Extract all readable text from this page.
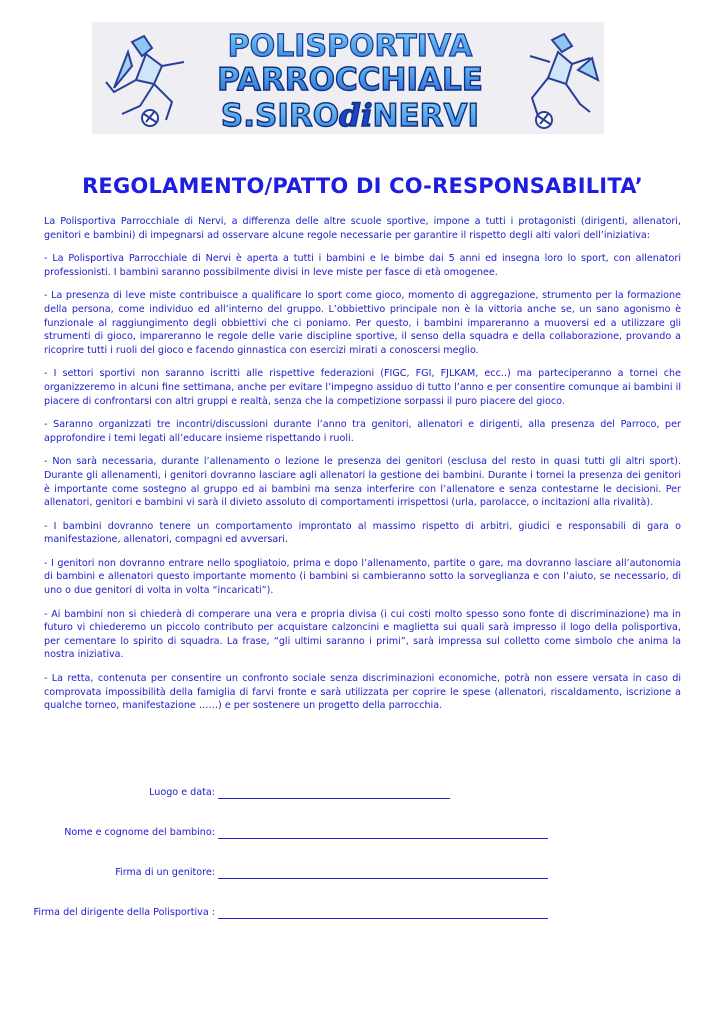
POLISPORTIVA
PARROCCHIALE
S.SIROdiNERVI
REGOLAMENTO/PATTO DI CO-RESPONSABILITA’

La Polisportiva Parrocchiale di Nervi, a differenza delle altre scuole sportive, impone a tutti i protagonisti (dirigenti, allenatori, genitori e bambini) di impegnarsi ad osservare alcune regole necessarie per garantire il rispetto degli alti valori dell’iniziativa:

- La Polisportiva Parrocchiale di Nervi è aperta a tutti i bambini e le bimbe dai 5 anni ed insegna loro lo sport, con allenatori professionisti. I bambini saranno possibilmente divisi in leve miste per fasce di età omogenee.

- La presenza di leve miste contribuisce a qualificare lo sport come gioco, momento di aggregazione, strumento per la formazione della persona, come individuo ed all’interno del gruppo. L’obbiettivo principale non è la vittoria anche se, un sano agonismo è funzionale al raggiungimento degli obbiettivi che ci poniamo. Per questo, i bambini impareranno a muoversi ed a utilizzare gli strumenti di gioco, impareranno le regole delle varie discipline sportive, il senso della squadra e della collaborazione, provando a ricoprire tutti i ruoli del gioco e facendo ginnastica con esercizi mirati a conoscersi meglio.

- I settori sportivi non saranno iscritti alle rispettive federazioni (FIGC, FGI, FJLKAM, ecc..) ma parteciperanno a tornei che organizzeremo in alcuni fine settimana, anche per evitare l’impegno assiduo di tutto l’anno e per consentire comunque ai bambini il piacere di confrontarsi con altri gruppi e realtà, senza che la competizione sorpassi il puro piacere del gioco.

- Saranno organizzati tre incontri/discussioni durante l’anno tra genitori, allenatori e dirigenti, alla presenza del Parroco, per approfondire i temi legati all’educare insieme rispettando i ruoli.

- Non sarà necessaria, durante l’allenamento o lezione le presenza dei genitori (esclusa del resto in quasi tutti gli altri sport). Durante gli allenamenti, i genitori dovranno lasciare agli allenatori la gestione dei bambini. Durante i tornei la presenza dei genitori è importante come sostegno al gruppo ed ai bambini ma senza interferire con l’allenatore e senza contestarne le decisioni. Per allenatori, genitori e bambini vi sarà il divieto assoluto di comportamenti irrispettosi (urla, parolacce, o incitazioni alla rivalità).

- I bambini dovranno tenere un comportamento improntato al massimo rispetto di arbitri, giudici e responsabili di gara o manifestazione, allenatori, compagni ed avversari.

- I genitori non dovranno entrare nello spogliatoio, prima e dopo l’allenamento, partite o gare, ma dovranno lasciare all’autonomia di bambini e allenatori questo importante momento (i bambini si cambieranno sotto la sorveglianza e con l’aiuto, se necessario, di uno o due genitori di volta in volta “incaricati”).

- Ai bambini non si chiederà di comperare una vera e propria divisa (i cui costi molto spesso sono fonte di discriminazione) ma in futuro vi chiederemo un piccolo contributo per acquistare calzoncini e maglietta sui quali sarà impresso il logo della polisportiva, per cementare lo spirito di squadra. La frase, “gli ultimi saranno i primi”, sarà impressa sul colletto come simbolo che anima la nostra iniziativa.

- La retta, contenuta per consentire un confronto sociale senza discriminazioni economiche, potrà non essere versata in caso di comprovata impossibilità della famiglia di farvi fronte e sarà utilizzata per coprire le spese (allenatori, riscaldamento, iscrizione a qualche torneo, manifestazione ……) e per sostenere un progetto della parrocchia.

Luogo e data:
Nome e cognome del bambino:
Firma di un genitore:
Firma del dirigente della Polisportiva :
